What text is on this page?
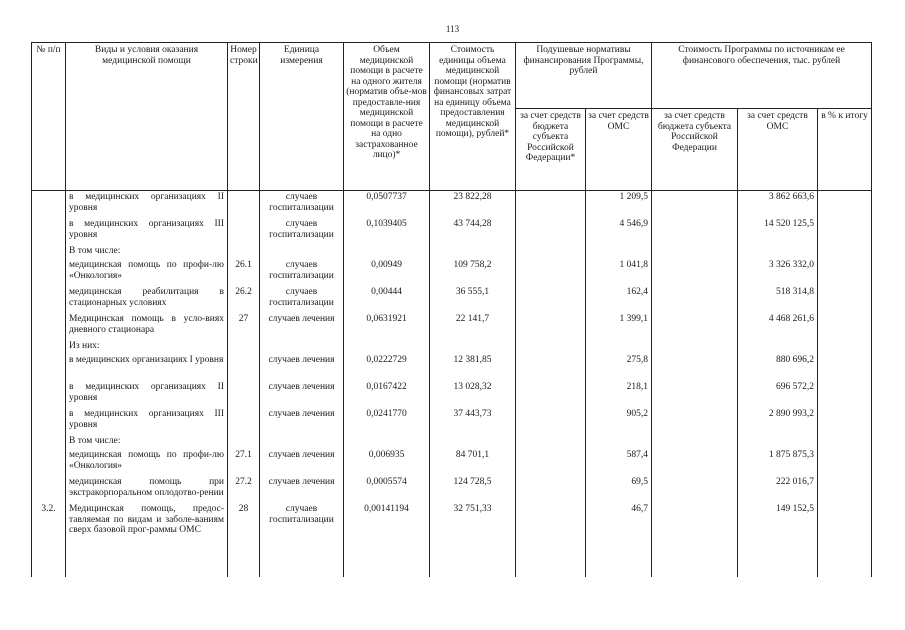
113
№ п/п	Виды и условия оказания медицинской помощи	Номер строки	Единица измерения	Объем медицинской помощи в расчете на одного жителя (норматив объе-мов предоставле-ния медицинской помощи в расчете на одно застрахованное лицо)*	Стоимость единицы объема медицинской помощи (норматив финансовых затрат на единицу объема предоставления медицинской помощи), рублей*	Подушевые нормативы финансирования Программы, рублей		Стоимость Программы по источникам ее финансового обеспечения, тыс. рублей		
						за счет средств бюджета субъекта Российской Федерации*	за счет средств ОМС	за счет средств бюджета субъекта Российской Федерации	за счет средств ОМС	в % к итогу
	в медицинских организациях II уровня		случаев госпитализации	0,0507737	23 822,28		1 209,5		3 862 663,6	
	в медицинских организациях III уровня		случаев госпитализации	0,1039405	43 744,28		4 546,9		14 520 125,5	
	В том числе:									
	медицинская помощь по профи-лю «Онкология»	26.1	случаев госпитализации	0,00949	109 758,2		1 041,8		3 326 332,0	
	медицинская реабилитация в стационарных условиях	26.2	случаев госпитализации	0,00444	36 555,1		162,4		518 314,8	
	Медицинская помощь в усло-виях дневного стационара	27	случаев лечения	0,0631921	22 141,7		1 399,1		4 468 261,6	
	Из них:									
	в медицинских организациях I уровня		случаев лечения	0,0222729	12 381,85		275,8		880 696,2	
	в медицинских организациях II уровня		случаев лечения	0,0167422	13 028,32		218,1		696 572,2	
	в медицинских организациях III уровня		случаев лечения	0,0241770	37 443,73		905,2		2 890 993,2	
	В том числе:									
	медицинская помощь по профи-лю «Онкология»	27.1	случаев лечения	0,006935	84 701,1		587,4		1 875 875,3	
	медицинская помощь при экстракорпоральном оплодотво-рении	27.2	случаев лечения	0,0005574	124 728,5		69,5		222 016,7	
3.2.	Медицинская помощь, предос-тавляемая по видам и заболе-ваниям сверх базовой прог-раммы ОМС	28	случаев госпитализации	0,00141194	32 751,33		46,7		149 152,5	
